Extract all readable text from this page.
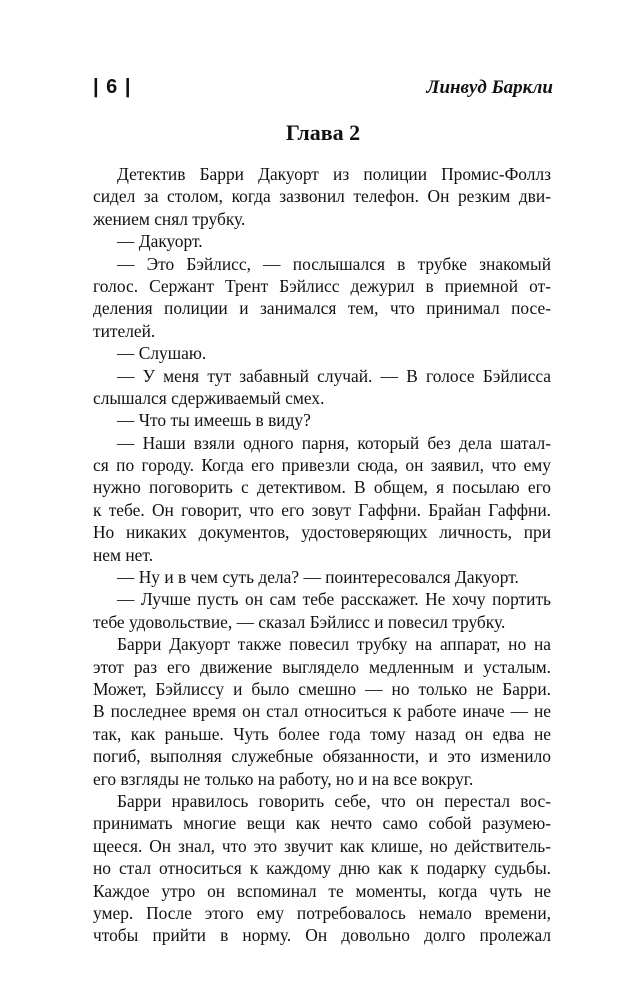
| 6 |	Линвуд Баркли
Глава 2
Детектив Барри Дакуорт из полиции Промис-Фоллз
сидел за столом, когда зазвонил телефон. Он резким дви-
жением снял трубку.
— Дакуорт.
— Это Бэйлисс, — послышался в трубке знакомый
голос. Сержант Трент Бэйлисс дежурил в приемной от-
деления полиции и занимался тем, что принимал посе-
тителей.
— Слушаю.
— У меня тут забавный случай. — В голосе Бэйлисса
слышался сдерживаемый смех.
— Что ты имеешь в виду?
— Наши взяли одного парня, который без дела шатал-
ся по городу. Когда его привезли сюда, он заявил, что ему
нужно поговорить с детективом. В общем, я посылаю его
к тебе. Он говорит, что его зовут Гаффни. Брайан Гаффни.
Но никаких документов, удостоверяющих личность, при
нем нет.
— Ну и в чем суть дела? — поинтересовался Дакуорт.
— Лучше пусть он сам тебе расскажет. Не хочу портить
тебе удовольствие, — сказал Бэйлисс и повесил трубку.
Барри Дакуорт также повесил трубку на аппарат, но на
этот раз его движение выглядело медленным и усталым.
Может, Бэйлиссу и было смешно — но только не Барри.
В последнее время он стал относиться к работе иначе — не
так, как раньше. Чуть более года тому назад он едва не
погиб, выполняя служебные обязанности, и это изменило
его взгляды не только на работу, но и на все вокруг.
Барри нравилось говорить себе, что он перестал вос-
принимать многие вещи как нечто само собой разумею-
щееся. Он знал, что это звучит как клише, но действитель-
но стал относиться к каждому дню как к подарку судьбы.
Каждое утро он вспоминал те моменты, когда чуть не
умер. После этого ему потребовалось немало времени,
чтобы прийти в норму. Он довольно долго пролежал
